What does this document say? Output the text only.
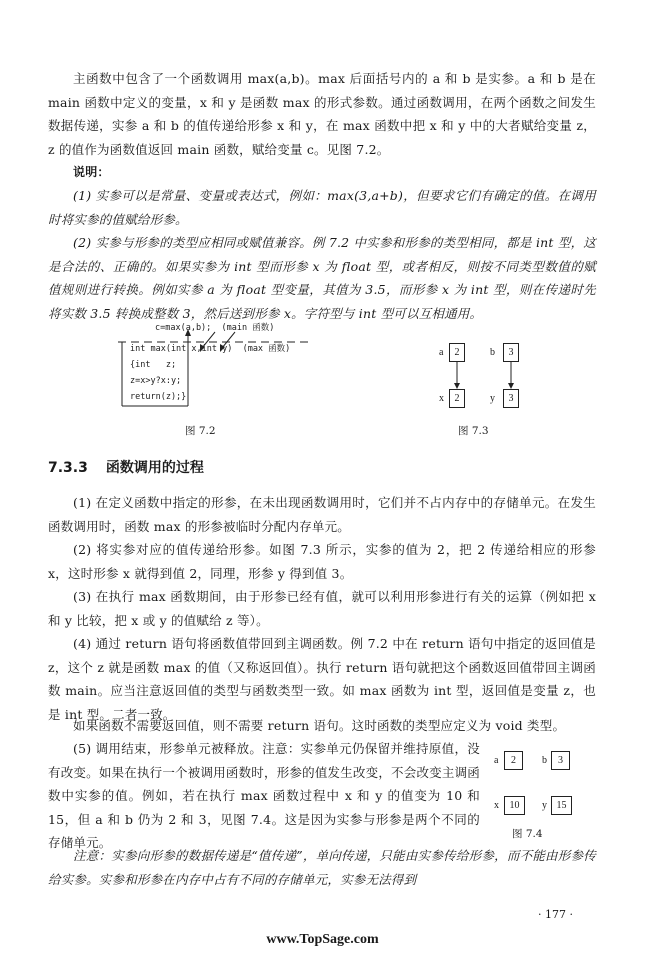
主函数中包含了一个函数调用 max(a,b)。max 后面括号内的 a 和 b 是实参。a 和 b 是在 main 函数中定义的变量，x 和 y 是函数 max 的形式参数。通过函数调用，在两个函数之间发生数据传递，实参 a 和 b 的值传递给形参 x 和 y，在 max 函数中把 x 和 y 中的大者赋给变量 z，z 的值作为函数值返回 main 函数，赋给变量 c。见图 7.2。

说明：

(1) 实参可以是常量、变量或表达式，例如：max(3,a+b)，但要求它们有确定的值。在调用时将实参的值赋给形参。

(2) 实参与形参的类型应相同或赋值兼容。例 7.2 中实参和形参的类型相同，都是 int 型，这是合法的、正确的。如果实参为 int 型而形参 x 为 float 型，或者相反，则按不同类型数值的赋值规则进行转换。例如实参 a 为 float 型变量，其值为 3.5，而形参 x 为 int 型，则在传递时先将实数 3.5 转换成整数 3，然后送到形参 x。字符型与 int 型可以互相通用。

c=max(a,b);  (main 函数)
int max(int x,int y)  (max 函数)
{int   z;
z=x>y?x:y;
return(z);}
图 7.2
a	2	b	3
x	2	y	3
图 7.3
7.3.3 函数调用的过程

(1) 在定义函数中指定的形参，在未出现函数调用时，它们并不占内存中的存储单元。在发生函数调用时，函数 max 的形参被临时分配内存单元。

(2) 将实参对应的值传递给形参。如图 7.3 所示，实参的值为 2，把 2 传递给相应的形参 x，这时形参 x 就得到值 2，同理，形参 y 得到值 3。

(3) 在执行 max 函数期间，由于形参已经有值，就可以利用形参进行有关的运算（例如把 x 和 y 比较，把 x 或 y 的值赋给 z 等）。

(4) 通过 return 语句将函数值带回到主调函数。例 7.2 中在 return 语句中指定的返回值是 z，这个 z 就是函数 max 的值（又称返回值）。执行 return 语句就把这个函数返回值带回主调函数 main。应当注意返回值的类型与函数类型一致。如 max 函数为 int 型，返回值是变量 z，也是 int 型。二者一致。

如果函数不需要返回值，则不需要 return 语句。这时函数的类型应定义为 void 类型。

(5) 调用结束，形参单元被释放。注意：实参单元仍保留并维持原值，没有改变。如果在执行一个被调用函数时，形参的值发生改变，不会改变主调函数中实参的值。例如，若在执行 max 函数过程中 x 和 y 的值变为 10 和 15，但 a 和 b 仍为 2 和 3，见图 7.4。这是因为实参与形参是两个不同的存储单元。

a	2	b	3
x	10	y 15
图 7.4

注意：实参向形参的数据传递是“值传递”，单向传递，只能由实参传给形参，而不能由形参传给实参。实参和形参在内存中占有不同的存储单元，实参无法得到

· 177 ·
www.TopSage.com
